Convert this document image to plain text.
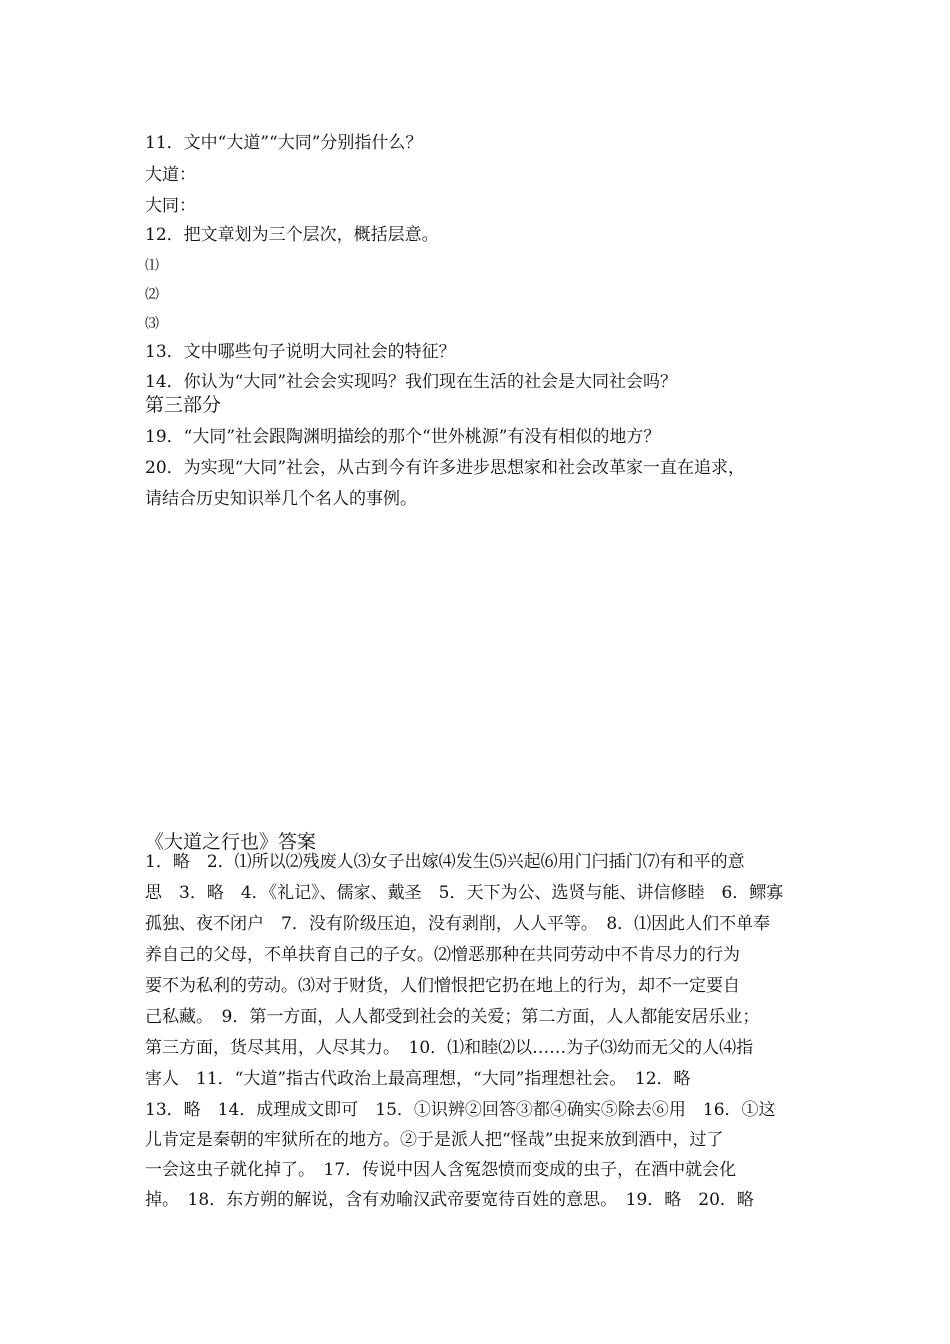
11．文中“大道”“大同”分别指什么？
大道：
大同：
12．把文章划为三个层次，概括层意。
⑴
⑵
⑶
13．文中哪些句子说明大同社会的特征？
14．你认为“大同”社会会实现吗？我们现在生活的社会是大同社会吗？
第三部分
19．“大同”社会跟陶渊明描绘的那个“世外桃源”有没有相似的地方？
20．为实现“大同”社会，从古到今有许多进步思想家和社会改革家一直在追求，
请结合历史知识举几个名人的事例。
《大道之行也》答案
1．略　2．⑴所以⑵残废人⑶女子出嫁⑷发生⑸兴起⑹用门闩插门⑺有和平的意
思　3．略　4．《礼记》、儒家、戴圣　5．天下为公、选贤与能、讲信修睦　6．鳏寡
孤独、夜不闭户　7．没有阶级压迫，没有剥削，人人平等。　8．⑴因此人们不单奉
养自己的父母，不单扶育自己的子女。⑵憎恶那种在共同劳动中不肯尽力的行为
要不为私利的劳动。⑶对于财货，人们憎恨把它扔在地上的行为，却不一定要自
己私藏。　9．第一方面，人人都受到社会的关爱；第二方面，人人都能安居乐业；
第三方面，货尽其用，人尽其力。　10．⑴和睦⑵以……为子⑶幼而无父的人⑷指
害人　11．“大道”指古代政治上最高理想，“大同”指理想社会。　12．略
13．略　14．成理成文即可　15．①识辨②回答③都④确实⑤除去⑥用　16．①这
儿肯定是秦朝的牢狱所在的地方。②于是派人把“怪哉”虫捉来放到酒中，过了
一会这虫子就化掉了。　17．传说中因人含冤怨愤而变成的虫子，在酒中就会化
掉。　18．东方朔的解说，含有劝喻汉武帝要宽待百姓的意思。　19．略　20．略
